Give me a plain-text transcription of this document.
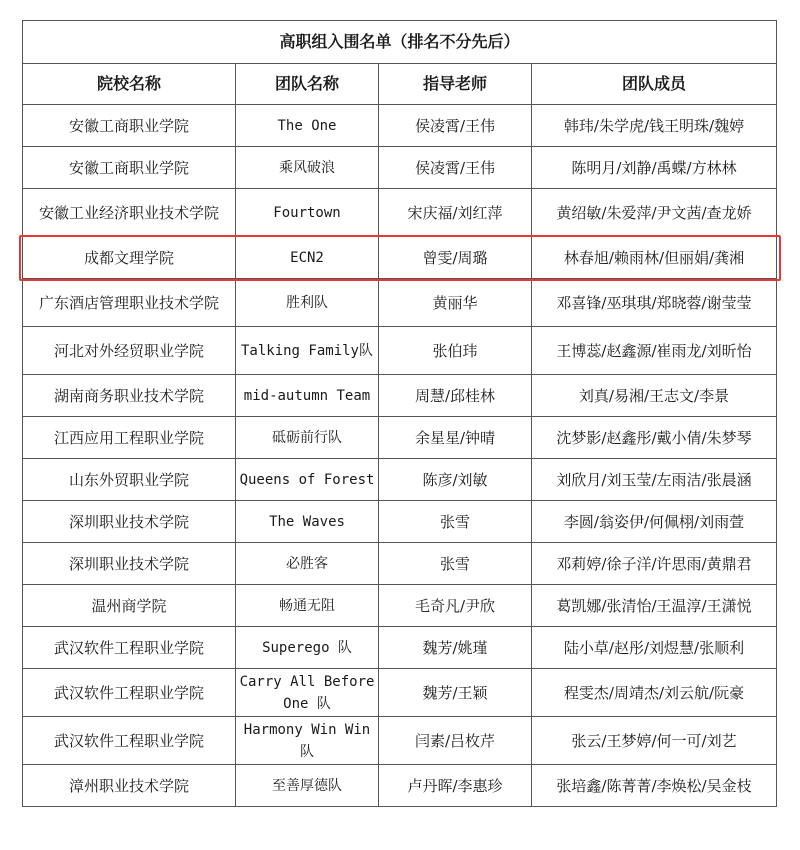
高职组入围名单（排名不分先后）			
院校名称	团队名称	指导老师	团队成员
安徽工商职业学院	The One	侯凌霄/王伟	韩玮/朱学虎/钱王明珠/魏婷
安徽工商职业学院	乘风破浪	侯凌霄/王伟	陈明月/刘静/禹蝶/方林林
安徽工业经济职业技术学院	Fourtown	宋庆福/刘红萍	黄绍敏/朱爱萍/尹文茜/查龙娇
成都文理学院	ECN2	曾雯/周璐	林春旭/赖雨林/但丽娟/龚湘
广东酒店管理职业技术学院	胜利队	黄丽华	邓喜锋/巫琪琪/郑晓蓉/谢莹莹
河北对外经贸职业学院	Talking Family队	张伯玮	王博蕊/赵鑫源/崔雨龙/刘昕怡
湖南商务职业技术学院	mid-autumn Team	周慧/邱桂林	刘真/易湘/王志文/李景
江西应用工程职业学院	砥砺前行队	余星星/钟晴	沈梦影/赵鑫彤/戴小倩/朱梦琴
山东外贸职业学院	Queens of Forest	陈彦/刘敏	刘欣月/刘玉莹/左雨洁/张晨涵
深圳职业技术学院	The Waves	张雪	李圆/翁姿伊/何佩栩/刘雨萱
深圳职业技术学院	必胜客	张雪	邓莉婷/徐子洋/许思雨/黄鼎君
温州商学院	畅通无阻	毛奇凡/尹欣	葛凯娜/张清怡/王温淳/王潇悦
武汉软件工程职业学院	Superego 队	魏芳/姚瑾	陆小草/赵彤/刘煜慧/张顺利
武汉软件工程职业学院	Carry All Before One 队	魏芳/王颖	程雯杰/周靖杰/刘云航/阮豪
武汉软件工程职业学院	Harmony Win Win队	闫素/吕枚芹	张云/王梦婷/何一可/刘艺
漳州职业技术学院	至善厚德队	卢丹晖/李惠珍	张培鑫/陈菁菁/李焕松/吴金枝
